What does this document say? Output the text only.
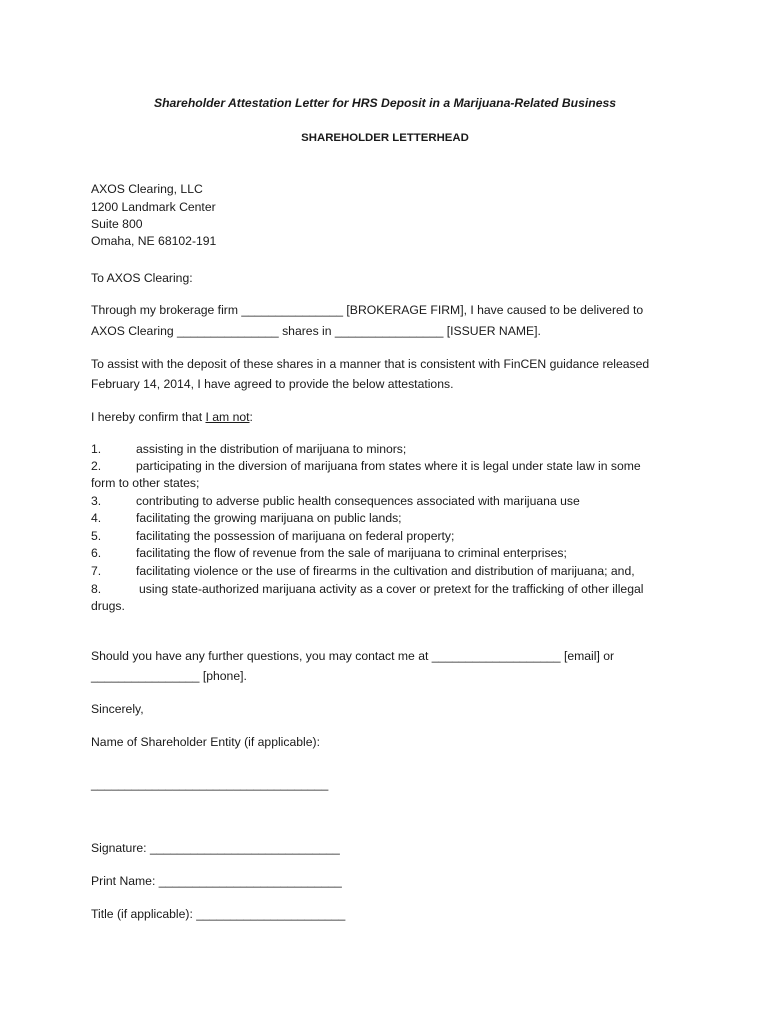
Shareholder Attestation Letter for HRS Deposit in a Marijuana-Related Business

SHAREHOLDER LETTERHEAD

AXOS Clearing, LLC

1200 Landmark Center

Suite 800

Omaha, NE 68102-191

To AXOS Clearing:

Through my brokerage firm _______________ [BROKERAGE FIRM], I have caused to be delivered to

AXOS Clearing _______________ shares in ________________ [ISSUER NAME].

To assist with the deposit of these shares in a manner that is consistent with FinCEN guidance released

February 14, 2014, I have agreed to provide the below attestations.

I hereby confirm that I am not:

1.	assisting in the distribution of marijuana to minors;
2.	participating in the diversion of marijuana from states where it is legal under state law in some
form to other states;
3.	contributing to adverse public health consequences associated with marijuana use
4.	facilitating the growing marijuana on public lands;
5.	facilitating the possession of marijuana on federal property;
6.	facilitating the flow of revenue from the sale of marijuana to criminal enterprises;
7.	facilitating violence or the use of firearms in the cultivation and distribution of marijuana; and,
8.	using state-authorized marijuana activity as a cover or pretext for the trafficking of other illegal
drugs.

Should you have any further questions, you may contact me at ___________________ [email] or

________________ [phone].

Sincerely,

Name of Shareholder Entity (if applicable):

___________________________________

Signature: ____________________________

Print Name: ___________________________

Title (if applicable): ______________________
